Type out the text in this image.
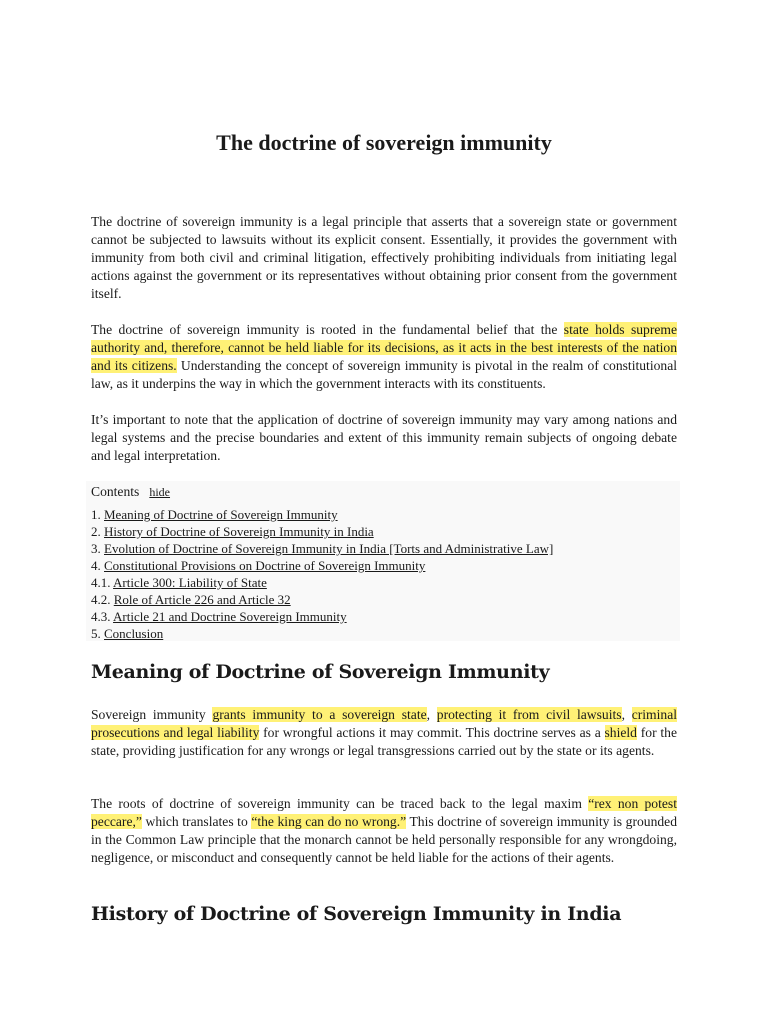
The doctrine of sovereign immunity

The doctrine of sovereign immunity is a legal principle that asserts that a sovereign state or government cannot be subjected to lawsuits without its explicit consent. Essentially, it provides the government with immunity from both civil and criminal litigation, effectively prohibiting individuals from initiating legal actions against the government or its representatives without obtaining prior consent from the government itself.

The doctrine of sovereign immunity is rooted in the fundamental belief that the state holds supreme authority and, therefore, cannot be held liable for its decisions, as it acts in the best interests of the nation and its citizens. Understanding the concept of sovereign immunity is pivotal in the realm of constitutional law, as it underpins the way in which the government interacts with its constituents.

It’s important to note that the application of doctrine of sovereign immunity may vary among nations and legal systems and the precise boundaries and extent of this immunity remain subjects of ongoing debate and legal interpretation.

Contents hide
1. Meaning of Doctrine of Sovereign Immunity
2. History of Doctrine of Sovereign Immunity in India
3. Evolution of Doctrine of Sovereign Immunity in India [Torts and Administrative Law]
4. Constitutional Provisions on Doctrine of Sovereign Immunity
4.1. Article 300: Liability of State
4.2. Role of Article 226 and Article 32
4.3. Article 21 and Doctrine Sovereign Immunity
5. Conclusion
Meaning of Doctrine of Sovereign Immunity

Sovereign immunity grants immunity to a sovereign state, protecting it from civil lawsuits, criminal prosecutions and legal liability for wrongful actions it may commit. This doctrine serves as a shield for the state, providing justification for any wrongs or legal transgressions carried out by the state or its agents.

The roots of doctrine of sovereign immunity can be traced back to the legal maxim “rex non potest peccare,” which translates to “the king can do no wrong.” This doctrine of sovereign immunity is grounded in the Common Law principle that the monarch cannot be held personally responsible for any wrongdoing, negligence, or misconduct and consequently cannot be held liable for the actions of their agents.

History of Doctrine of Sovereign Immunity in India
